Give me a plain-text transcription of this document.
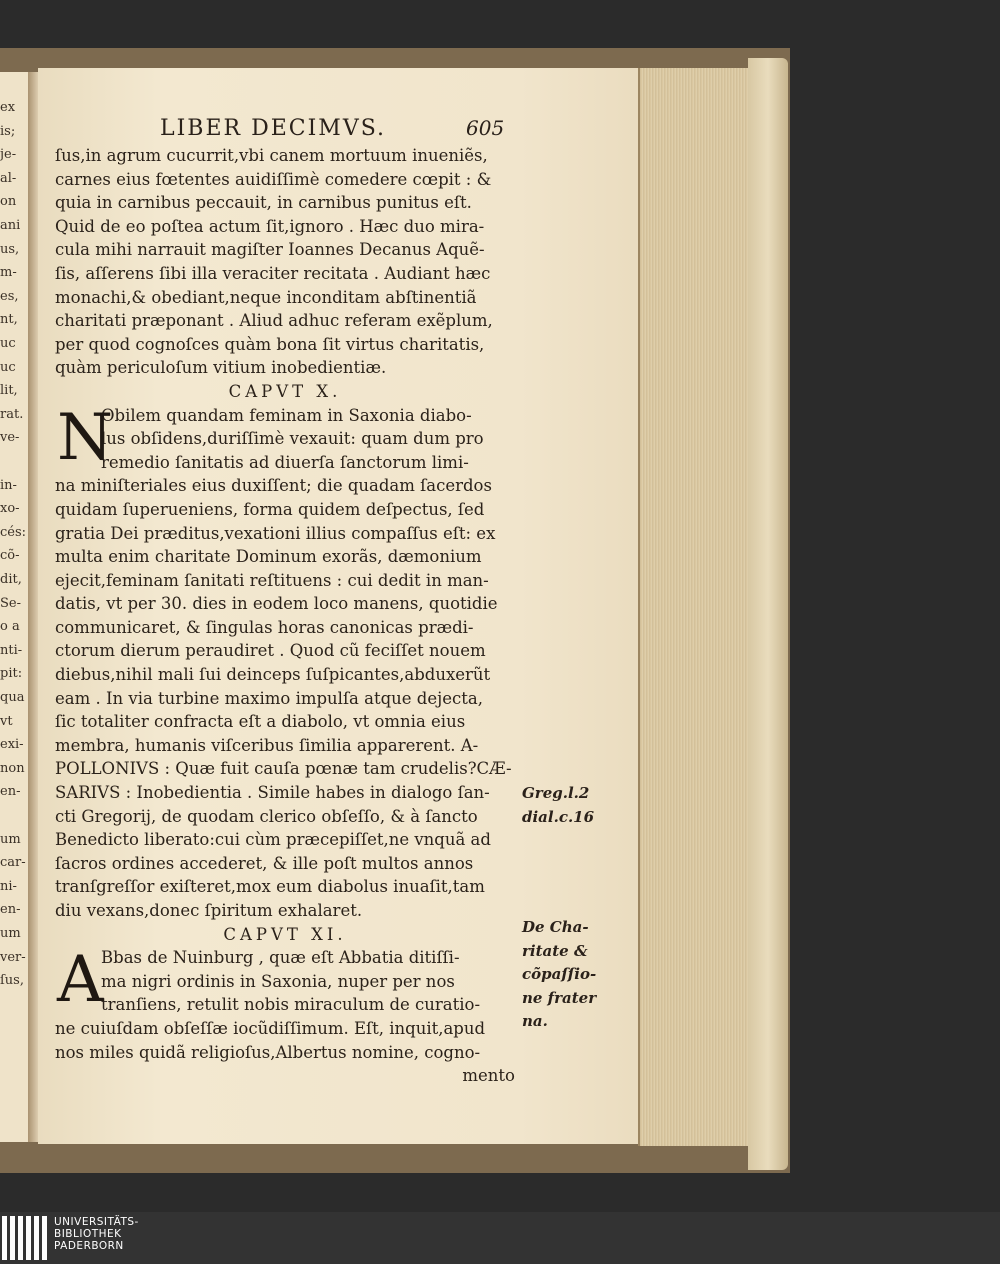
ex
is;
je-
al-
on
ani
us,
m-
es,
nt,
uc
uc
lit,
rat.
ve-
in-
xo-
cés:
cõ-
dit,
Se-
o a
nti-
pit:
qua
vt
exi-
non
en-
um
car-
ni-
en-
um
ver-
ſus,
LIBER DECIMVS.	605
ſus,in agrum cucurrit,vbi canem mortuum inueniẽs,
carnes eius fœtentes auidiſſimè comedere cœpit : &
quia in carnibus peccauit, in carnibus punitus eſt.
Quid de eo poſtea actum ſit,ignoro . Hæc duo mira-
cula mihi narrauit magiſter Ioannes Decanus Aquẽ-
ſis, aſſerens ſibi illa veraciter recitata . Audiant hæc
monachi,& obediant,neque inconditam abſtinentiã
charitati præponant . Aliud adhuc referam exẽplum,
per quod cognoſces quàm bona ſit virtus charitatis,
quàm periculoſum vitium inobedientiæ.
CAPVT X.
N
Obilem quandam feminam in Saxonia diabo-
lus obſidens,duriſſimè vexauit: quam dum pro
remedio ſanitatis ad diuerſa ſanctorum limi-
na miniſteriales eius duxiſſent; die quadam ſacerdos
quidam ſuperueniens, forma quidem deſpectus, ſed
gratia Dei præditus,vexationi illius compaſſus eſt: ex
multa enim charitate Dominum exorãs, dæmonium
ejecit,feminam ſanitati reſtituens : cui dedit in man-
datis, vt per 30. dies in eodem loco manens, quotidie
communicaret, & ſingulas horas canonicas prædi-
ctorum dierum peraudiret . Quod cũ feciſſet nouem
diebus,nihil mali ſui deinceps ſuſpicantes,abduxerũt
eam . In via turbine maximo impulſa atque dejecta,
ſic totaliter confracta eſt a diabolo, vt omnia eius
membra, humanis viſceribus ſimilia apparerent. A-
POLLONIVS : Quæ fuit cauſa pœnæ tam crudelis?CÆ-
SARIVS : Inobedientia . Simile habes in dialogo ſan-
cti Gregorij, de quodam clerico obſeſſo, & à ſancto
Benedicto liberato:cui cùm præcepiſſet,ne vnquã ad
ſacros ordines accederet, & ille poſt multos annos
tranſgreſſor exiſteret,mox eum diabolus inuaſit,tam
diu vexans,donec ſpiritum exhalaret.
CAPVT XI.
A
Bbas de Nuinburg , quæ eſt Abbatia ditiſſi-
ma nigri ordinis in Saxonia, nuper per nos
tranſiens, retulit nobis miraculum de curatio-
ne cuiuſdam obſeſſæ iocũdiſſimum. Eſt, inquit,apud
nos miles quidã religioſus,Albertus nomine, cogno-
mento
Greg.l.2
dial.c.16
De Cha-
ritate &
cõpaſſio-
ne frater
na.
UNIVERSITÄTS-
BIBLIOTHEK
PADERBORN
